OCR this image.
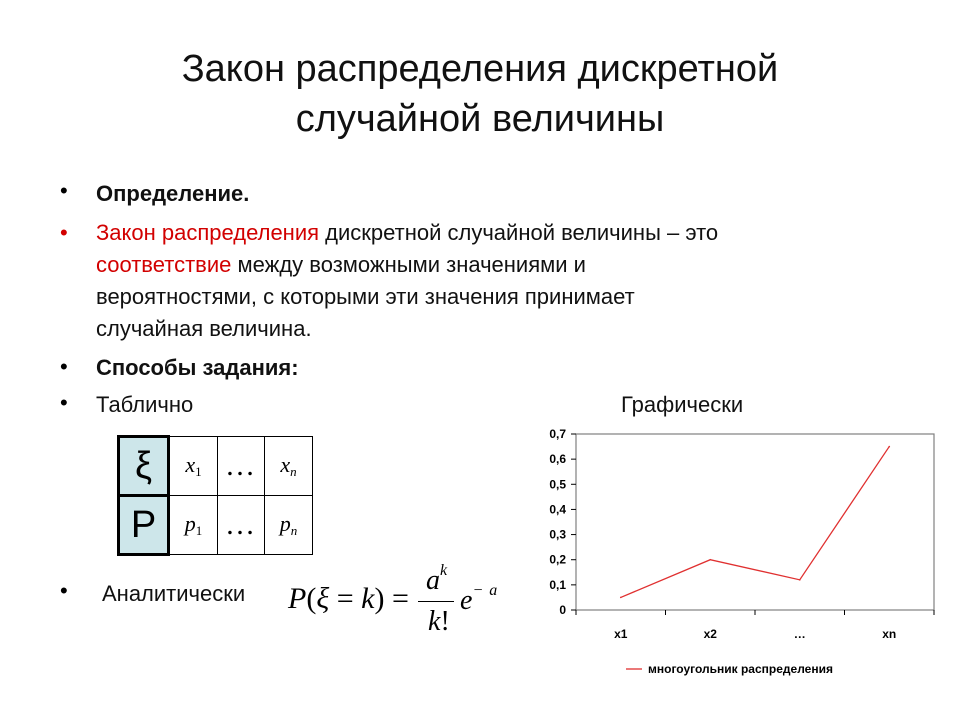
Закон распределения дискретной
случайной величины
• Определение.
• Закон распределения дискретной случайной величины – это
соответствие между возможными значениями и
вероятностями, с которыми эти значения принимает
случайная величина.
• Способы задания:
• Таблично	Графически
ξ	$x_1$	…	$x_n$
P	$p_1$	…	$p_n$
• Аналитически P(ξ = k) =
$a^k$
k!
$e^{- a}$
0
0,1
0,2
0,3
0,4
0,5
0,6
0,7
x1	x2	…	xn
многоугольник распределения
